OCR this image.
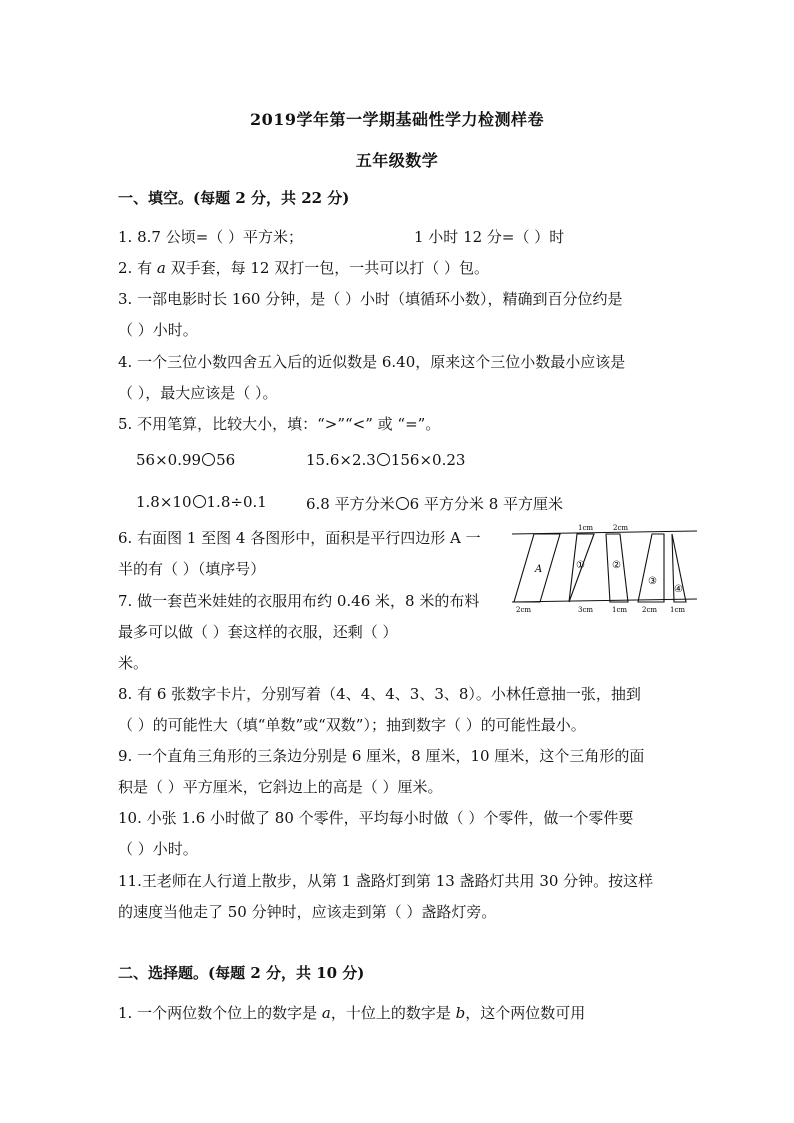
2019学年第一学期基础性学力检测样卷
五年级数学
一、填空。(每题 2 分，共 22 分)
1. 8.7 公顷=（ ）平方米；	1 小时 12 分=（ ）时
2. 有 a 双手套，每 12 双打一包，一共可以打（ ）包。
3. 一部电影时长 160 分钟，是（ ）小时（填循环小数），精确到百分位约是
（ ）小时。
4. 一个三位小数四舍五入后的近似数是 6.40，原来这个三位小数最小应该是
（ ），最大应该是（ ）。
5. 不用笔算，比较大小，填：“>”“<” 或 “=”。
56×0.99 56	15.6×2.3 156×0.23
1.8×10 1.8÷0.1	6.8 平方分米 6 平方分米 8 平方厘米
6. 右面图 1 至图 4 各图形中，面积是平行四边形 A 一
半的有（ ）（填序号）
7. 做一套芭米娃娃的衣服用布约 0.46 米，8 米的布料
最多可以做（ ）套这样的衣服，还剩（ ）
米。
1cm	2cm
2cm	3cm	1cm 2cm 1cm
A	①	②
③
④
8. 有 6 张数字卡片，分别写着（4、4、4、3、3、8）。小林任意抽一张，抽到
（ ）的可能性大（填“单数”或“双数”）；抽到数字（ ）的可能性最小。
9. 一个直角三角形的三条边分别是 6 厘米，8 厘米，10 厘米，这个三角形的面
积是（ ）平方厘米，它斜边上的高是（ ）厘米。
10. 小张 1.6 小时做了 80 个零件，平均每小时做（ ）个零件，做一个零件要
（ ）小时。
11.王老师在人行道上散步，从第 1 盏路灯到第 13 盏路灯共用 30 分钟。按这样
的速度当他走了 50 分钟时，应该走到第（ ）盏路灯旁。
二、选择题。(每题 2 分，共 10 分)
1. 一个两位数个位上的数字是 a，十位上的数字是 b，这个两位数可用
